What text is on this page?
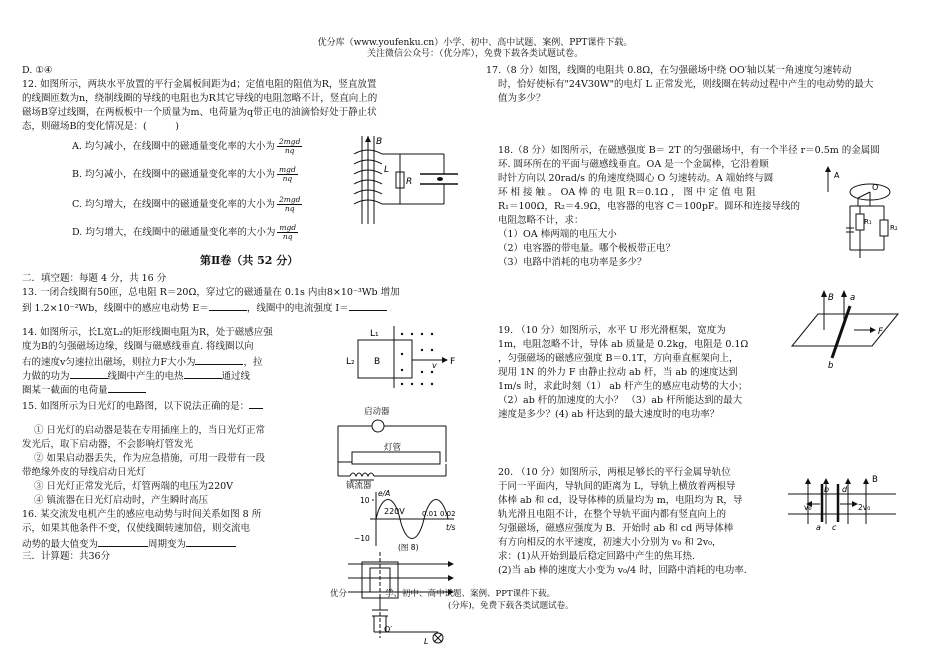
优分库（www.youfenku.cn）小学、初中、高中试题、案例、PPT课件下载。
关注微信公众号：（优分库），免费下载各类试题试卷。
D. ①④
12. 如图所示，两块水平放置的平行金属板间距为d；定值电阻的阻值为R，竖直放置
的线圈匝数为n，绕制线圈的导线的电阻也为R其它导线的电阻忽略不计，竖直向上的
磁场B穿过线圈，在两板板中一个质量为m、电荷量为q带正电的油滴恰好处于静止状
态，则磁场B的变化情况是：(　　　)
A. 均匀减小，在线圈中的磁通量变化率的大小为 $\frac{\text{2mgd}}{nq}$
B. 均匀减小，在线圈中的磁通量变化率的大小为 $\frac{\text{mgd}}{nq}$
C. 均匀增大，在线圈中的磁通量变化率的大小为 $\frac{\text{2mgd}}{nq}$
D. 均匀增大，在线圈中的磁通量变化率的大小为 $\frac{\text{mgd}}{nq}$
B
L
R
第Ⅱ卷（共 52 分）
二．填空题：每题 4 分，共 16 分
13. 一闭合线圈有50匝，总电阻 R＝20Ω，穿过它的磁通量在 0.1s 内由8×10⁻³Wb 增加
到 1.2×10⁻²Wb，线圈中的感应电动势 E＝	，线圈中的电流强度 I＝
14. 如图所示，长L宽L₂的矩形线圈电阻为R，处于磁感应强
度为B的匀强磁场边缘，线圈与磁感线垂直. 将线圈以向
右的速度v匀速拉出磁场，则拉力F大小为	，拉
力做的功为	线圈中产生的电热	通过线
圈某一截面的电荷量
L₁
L₂ B	F
v
15. 如图所示为日光灯的电路图，以下说法正确的是：
① 日光灯的启动器是装在专用插座上的，当日光灯正常
发光后，取下启动器，不会影响灯管发光
② 如果启动器丢失，作为应急措施，可用一段带有一段
带绝缘外皮的导线启动日光灯
③ 日光灯正常发光后，灯管两端的电压为220V
④ 镇流器在日光灯启动时，产生瞬时高压
启动器
灯管
镇流器
16. 某交流发电机产生的感应电动势与时间关系如图 8 所
示，如果其他条件不变，仅使线圈转速加倍，则交流电
动势的最大值变为	周期变为
三．计算题：共36分
e/A
t/s
10
−10
220V 0.01 0.02
(图 8)
O′
L
优分	学、初中、高中试题、案例、PPT课件下载。
(分库)，免费下载各类试题试卷。
17.（8 分）如图，线圈的电阻共 0.8Ω，在匀强磁场中绕 OO′轴以某一角速度匀速转动
时，恰好使标有"24V30W"的电灯 L 正常发光，则线圈在转动过程中产生的电动势的最大
值为多少？
18.（8 分）如图所示，在磁感强度 B＝ 2T 的匀强磁场中，有一个半径 r＝0.5m 的金属圆
环. 圆环所在的平面与磁感线垂直。OA 是一个金属棒，它沿着顺
时针方向以 20rad/s 的角速度绕圆心 O 匀速转动。A 端始终与圆
环 相 接 触 。 OA 棒 的 电 阻 R＝0.1Ω ， 图 中 定 值 电 阻
R₁＝100Ω，R₂＝4.9Ω，电容器的电容 C＝100pF。圆环和连接导线的
电阻忽略不计，求：
（1）OA 棒两端的电压大小
（2）电容器的带电量。哪个极板带正电？
（3）电路中消耗的电功率是多少？
A
O
R₁
R₂
19. （10 分）如图所示，水平 U 形光滑框架，宽度为
1m，电阻忽略不计，导体 ab 质量是 0.2kg，电阻是 0.1Ω
，匀强磁场的磁感应强度 B＝0.1T，方向垂直框架向上，
现用 1N 的外力 F 由静止拉动 ab 杆，当 ab 的速度达到
1m/s 时，求此时刻（1） ab 杆产生的感应电动势的大小；
（2）ab 杆的加速度的大小？ （3）ab 杆所能达到的最大
速度是多少？(4) ab 杆达到的最大速度时的电功率？
B a
b
F
20. （10 分）如图所示，两根足够长的平行金属导轨位
于同一平面内，导轨间的距离为 L，导轨上横放着两根导
体棒 ab 和 cd，设导体棒的质量均为 m，电阻均为 R，导
轨光滑且电阻不计，在整个导轨平面内都有竖直向上的
匀强磁场，磁感应强度为 B．开始时 ab 和 cd 两导体棒
有方向相反的水平速度，初速大小分别为 v₀ 和 2v₀，
求：(1)从开始到最后稳定回路中产生的焦耳热.
(2)当 ab 棒的速度大小变为 v₀/4 时，回路中消耗的电功率.
B
b d
a c
v₀	2v₀
